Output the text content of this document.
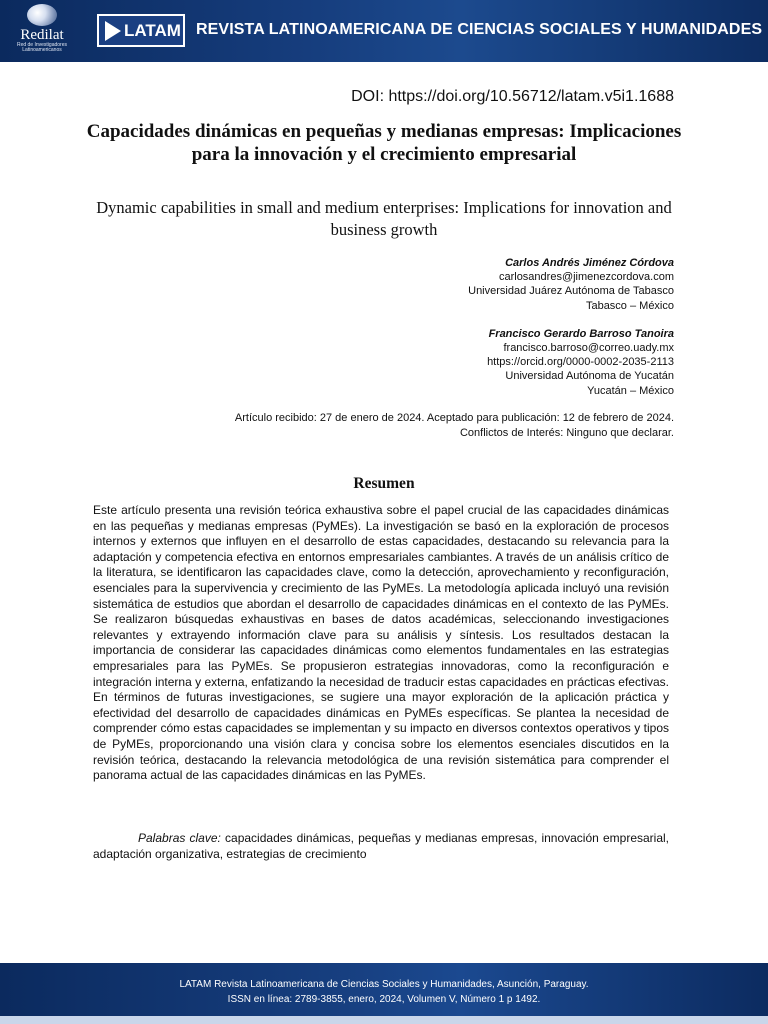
Redilat
Red de Investigadores Latinoamericanos
LATAM REVISTA LATINOAMERICANA DE CIENCIAS SOCIALES Y HUMANIDADES
DOI: https://doi.org/10.56712/latam.v5i1.1688
Capacidades dinámicas en pequeñas y medianas empresas: Implicaciones para la innovación y el crecimiento empresarial
Dynamic capabilities in small and medium enterprises: Implications for innovation and business growth
Carlos Andrés Jiménez Córdova
carlosandres@jimenezcordova.com
Universidad Juárez Autónoma de Tabasco
Tabasco – México
Francisco Gerardo Barroso Tanoira
francisco.barroso@correo.uady.mx
https://orcid.org/0000-0002-2035-2113
Universidad Autónoma de Yucatán
Yucatán – México
Artículo recibido: 27 de enero de 2024. Aceptado para publicación: 12 de febrero de 2024.
Conflictos de Interés: Ninguno que declarar.
Resumen
Este artículo presenta una revisión teórica exhaustiva sobre el papel crucial de las capacidades dinámicas en las pequeñas y medianas empresas (PyMEs). La investigación se basó en la exploración de procesos internos y externos que influyen en el desarrollo de estas capacidades, destacando su relevancia para la adaptación y competencia efectiva en entornos empresariales cambiantes. A través de un análisis crítico de la literatura, se identificaron las capacidades clave, como la detección, aprovechamiento y reconfiguración, esenciales para la supervivencia y crecimiento de las PyMEs. La metodología aplicada incluyó una revisión sistemática de estudios que abordan el desarrollo de capacidades dinámicas en el contexto de las PyMEs. Se realizaron búsquedas exhaustivas en bases de datos académicas, seleccionando investigaciones relevantes y extrayendo información clave para su análisis y síntesis. Los resultados destacan la importancia de considerar las capacidades dinámicas como elementos fundamentales en las estrategias empresariales para las PyMEs. Se propusieron estrategias innovadoras, como la reconfiguración e integración interna y externa, enfatizando la necesidad de traducir estas capacidades en prácticas efectivas. En términos de futuras investigaciones, se sugiere una mayor exploración de la aplicación práctica y efectividad del desarrollo de capacidades dinámicas en PyMEs específicas. Se plantea la necesidad de comprender cómo estas capacidades se implementan y su impacto en diversos contextos operativos y tipos de PyMEs, proporcionando una visión clara y concisa sobre los elementos esenciales discutidos en la revisión teórica, destacando la relevancia metodológica de una revisión sistemática para comprender el panorama actual de las capacidades dinámicas en las PyMEs.
Palabras clave: capacidades dinámicas, pequeñas y medianas empresas, innovación empresarial, adaptación organizativa, estrategias de crecimiento
LATAM Revista Latinoamericana de Ciencias Sociales y Humanidades, Asunción, Paraguay.
ISSN en línea: 2789-3855, enero, 2024, Volumen V, Número 1 p 1492.
